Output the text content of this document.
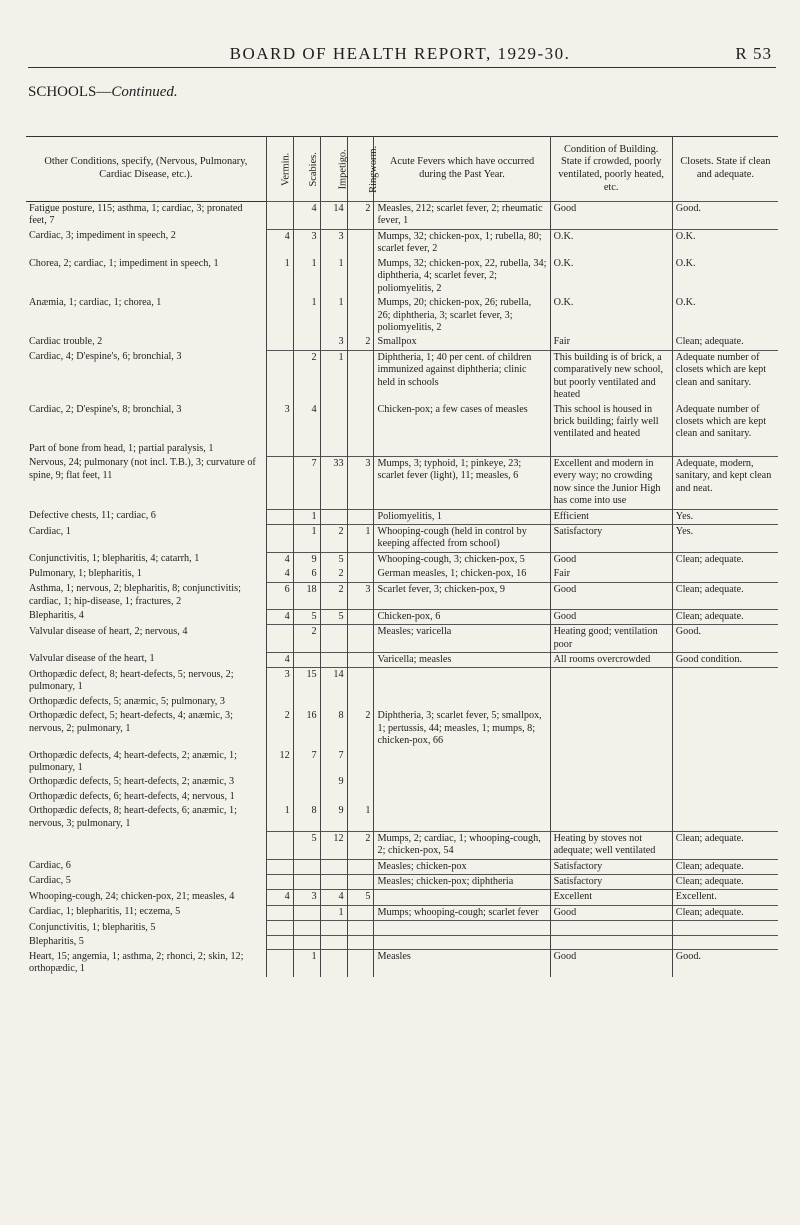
BOARD OF HEALTH REPORT, 1929-30.	R 53
SCHOOLS—Continued.
Other Conditions, specify, (Nervous, Pulmonary, Cardiac Disease, etc.).	Vermin.	Scabies.	Impetigo.	Ringworm.	Acute Fevers which have occurred during the Past Year.	Condition of Building. State if crowded, poorly ventilated, poorly heated, etc.	Closets. State if clean and adequate.
Fatigue posture, 115; asthma, 1; cardiac, 3; pronated feet, 7		4	14	2	Measles, 212; scarlet fever, 2; rheumatic fever, 1	Good	Good.
Cardiac, 3; impediment in speech, 2	4	3	3		Mumps, 32; chicken-pox, 1; rubella, 80; scarlet fever, 2	O.K.	O.K.
Chorea, 2; cardiac, 1; impediment in speech, 1	1	1	1		Mumps, 32; chicken-pox, 22, rubella, 34; diphtheria, 4; scarlet fever, 2; poliomyelitis, 2	O.K.	O.K.
Anæmia, 1; cardiac, 1; chorea, 1		1	1		Mumps, 20; chicken-pox, 26; rubella, 26; diphtheria, 3; scarlet fever, 3; poliomyelitis, 2	O.K.	O.K.
Cardiac trouble, 2			3	2	Smallpox	Fair	Clean; adequate.
Cardiac, 4; D'espine's, 6; bronchial, 3		2	1		Diphtheria, 1; 40 per cent. of children immunized against diphtheria; clinic held in schools	This building is of brick, a comparatively new school, but poorly ventilated and heated	Adequate number of closets which are kept clean and sanitary.
Cardiac, 2; D'espine's, 8; bronchial, 3	3	4			Chicken-pox; a few cases of measles	This school is housed in brick building; fairly well ventilated and heated	Adequate number of closets which are kept clean and sanitary.
Part of bone from head, 1; partial paralysis, 1							
Nervous, 24; pulmonary (not incl. T.B.), 3; curvature of spine, 9; flat feet, 11		7	33	3	Mumps, 3; typhoid, 1; pinkeye, 23; scarlet fever (light), 11; measles, 6	Excellent and modern in every way; no crowding now since the Junior High has come into use	Adequate, modern, sanitary, and kept clean and neat.
Defective chests, 11; cardiac, 6		1			Poliomyelitis, 1	Efficient	Yes.
Cardiac, 1		1	2	1	Whooping-cough (held in control by keeping affected from school)	Satisfactory	Yes.
Conjunctivitis, 1; blepharitis, 4; catarrh, 1	4	9	5		Whooping-cough, 3; chicken-pox, 5	Good	Clean; adequate.
Pulmonary, 1; blepharitis, 1	4	6	2		German measles, 1; chicken-pox, 16	Fair	
Asthma, 1; nervous, 2; blepharitis, 8; conjunctivitis; cardiac, 1; hip-disease, 1; fractures, 2	6	18	2	3	Scarlet fever, 3; chicken-pox, 9	Good	Clean; adequate.
Blepharitis, 4	4	5	5		Chicken-pox, 6	Good	Clean; adequate.
Valvular disease of heart, 2; nervous, 4		2			Measles; varicella	Heating good; ventilation poor	Good.
Valvular disease of the heart, 1	4				Varicella; measles	All rooms overcrowded	Good condition.
Orthopædic defect, 8; heart-defects, 5; nervous, 2; pulmonary, 1	3	15	14				
Orthopædic defects, 5; anæmic, 5; pulmonary, 3							
Orthopædic defect, 5; heart-defects, 4; anæmic, 3; nervous, 2; pulmonary, 1	2	16	8	2	Diphtheria, 3; scarlet fever, 5; smallpox, 1; pertussis, 44; measles, 1; mumps, 8; chicken-pox, 66		
Orthopædic defects, 4; heart-defects, 2; anæmic, 1; pulmonary, 1	12	7	7				
Orthopædic defects, 5; heart-defects, 2; anæmic, 3			9				
Orthopædic defects, 6; heart-defects, 4; nervous, 1							
Orthopædic defects, 8; heart-defects, 6; anæmic, 1; nervous, 3; pulmonary, 1	1	8	9	1			
		5	12	2	Mumps, 2; cardiac, 1; whooping-cough, 2; chicken-pox, 54	Heating by stoves not adequate; well ventilated	Clean; adequate.
Cardiac, 6					Measles; chicken-pox	Satisfactory	Clean; adequate.
Cardiac, 5					Measles; chicken-pox; diphtheria	Satisfactory	Clean; adequate.
Whooping-cough, 24; chicken-pox, 21; measles, 4	4	3	4	5		Excellent	Excellent.
Cardiac, 1; blepharitis, 11; eczema, 5			1		Mumps; whooping-cough; scarlet fever	Good	Clean; adequate.
Conjunctivitis, 1; blepharitis, 5							
Blepharitis, 5							
Heart, 15; angemia, 1; asthma, 2; rhonci, 2; skin, 12; orthopædic, 1		1			Measles	Good	Good.
